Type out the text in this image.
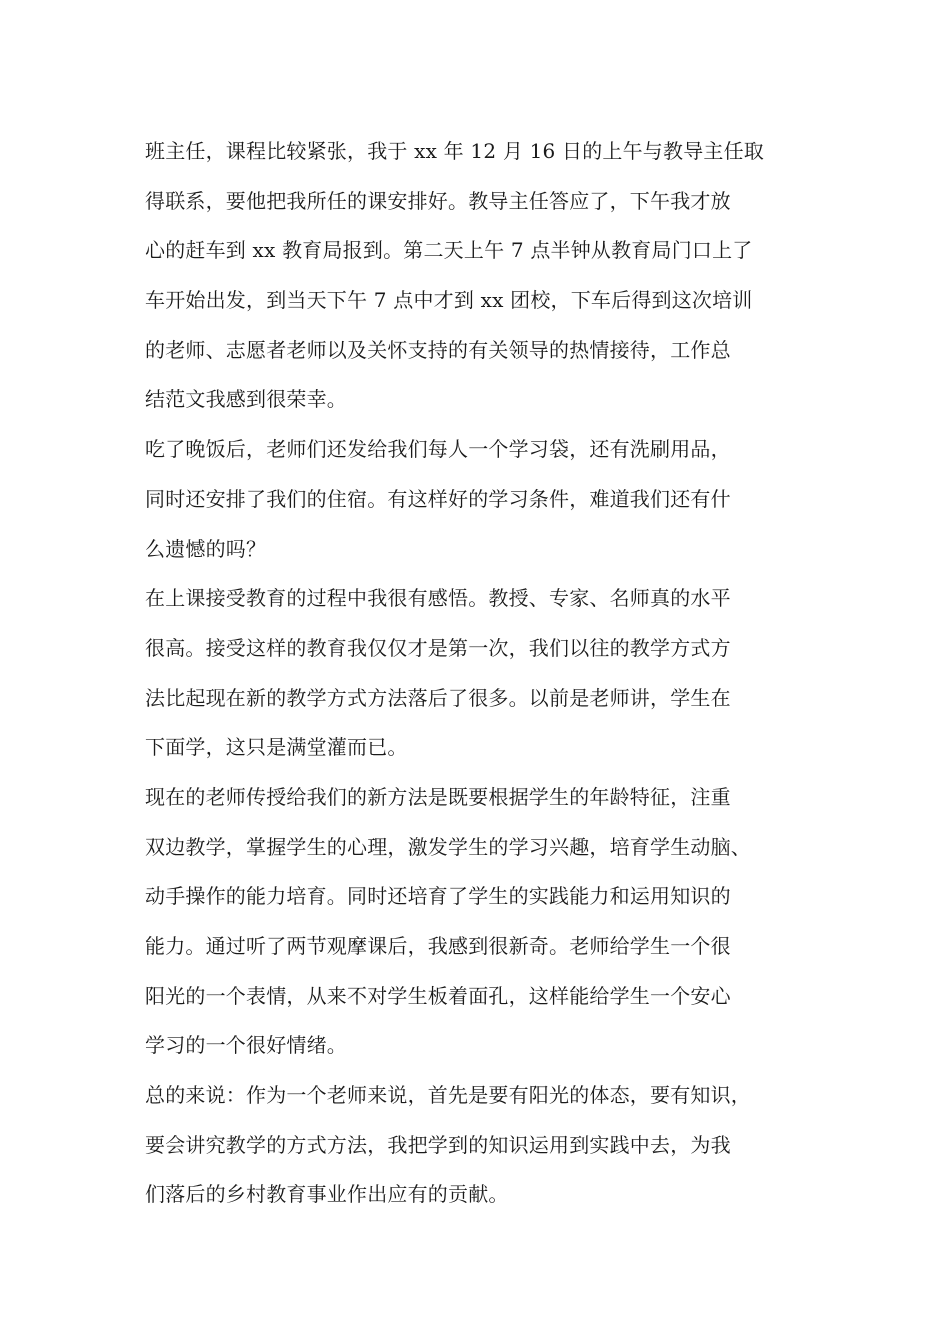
班主任，课程比较紧张，我于 xx 年 12 月 16 日的上午与教导主任取
得联系，要他把我所任的课安排好。教导主任答应了，下午我才放
心的赶车到 xx 教育局报到。第二天上午 7 点半钟从教育局门口上了
车开始出发，到当天下午 7 点中才到 xx 团校，下车后得到这次培训
的老师、志愿者老师以及关怀支持的有关领导的热情接待，工作总
结范文我感到很荣幸。
吃了晚饭后，老师们还发给我们每人一个学习袋，还有洗刷用品，
同时还安排了我们的住宿。有这样好的学习条件，难道我们还有什
么遗憾的吗？
在上课接受教育的过程中我很有感悟。教授、专家、名师真的水平
很高。接受这样的教育我仅仅才是第一次，我们以往的教学方式方
法比起现在新的教学方式方法落后了很多。以前是老师讲，学生在
下面学，这只是满堂灌而已。
现在的老师传授给我们的新方法是既要根据学生的年龄特征，注重
双边教学，掌握学生的心理，激发学生的学习兴趣，培育学生动脑、
动手操作的能力培育。同时还培育了学生的实践能力和运用知识的
能力。通过听了两节观摩课后，我感到很新奇。老师给学生一个很
阳光的一个表情，从来不对学生板着面孔，这样能给学生一个安心
学习的一个很好情绪。
总的来说：作为一个老师来说，首先是要有阳光的体态，要有知识，
要会讲究教学的方式方法，我把学到的知识运用到实践中去，为我
们落后的乡村教育事业作出应有的贡献。
